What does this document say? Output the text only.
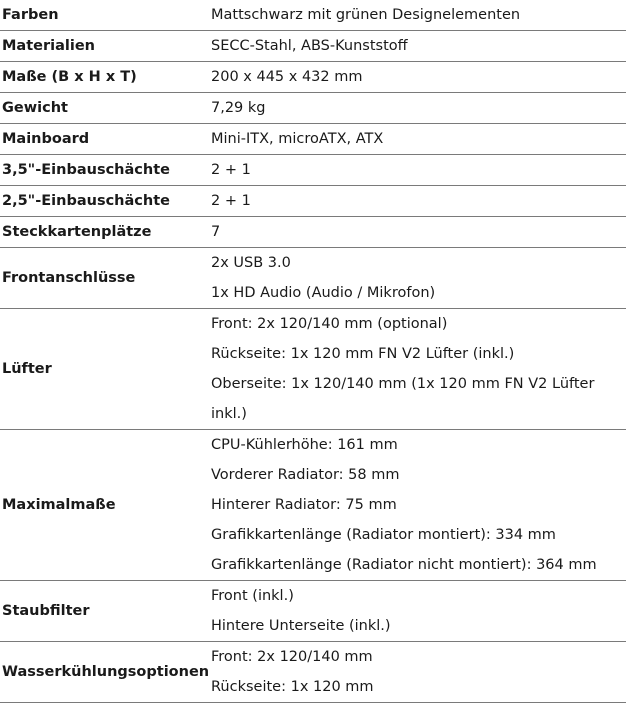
Farben	Mattschwarz mit grünen Designelementen

Materialien	SECC-Stahl, ABS-Kunststoff

Maße (B x H x T)	200 x 445 x 432 mm

Gewicht	7,29 kg

Mainboard	Mini-ITX, microATX, ATX

3,5"-Einbauschächte	2 + 1

2,5"-Einbauschächte	2 + 1

Steckkartenplätze	7

Frontanschlüsse	2x USB 3.0
1x HD Audio (Audio / Mikrofon)

Lüfter	Front: 2x 120/140 mm (optional)
Rückseite: 1x 120 mm FN V2 Lüfter (inkl.)
Oberseite: 1x 120/140 mm (1x 120 mm FN V2 Lüfter inkl.)

Maximalmaße	CPU-Kühlerhöhe: 161 mm
Vorderer Radiator: 58 mm
Hinterer Radiator: 75 mm
Grafikkartenlänge (Radiator montiert): 334 mm
Grafikkartenlänge (Radiator nicht montiert): 364 mm

Staubfilter	Front (inkl.)
Hintere Unterseite (inkl.)

Wasserkühlungsoptionen	Front: 2x 120/140 mm
Rückseite: 1x 120 mm
